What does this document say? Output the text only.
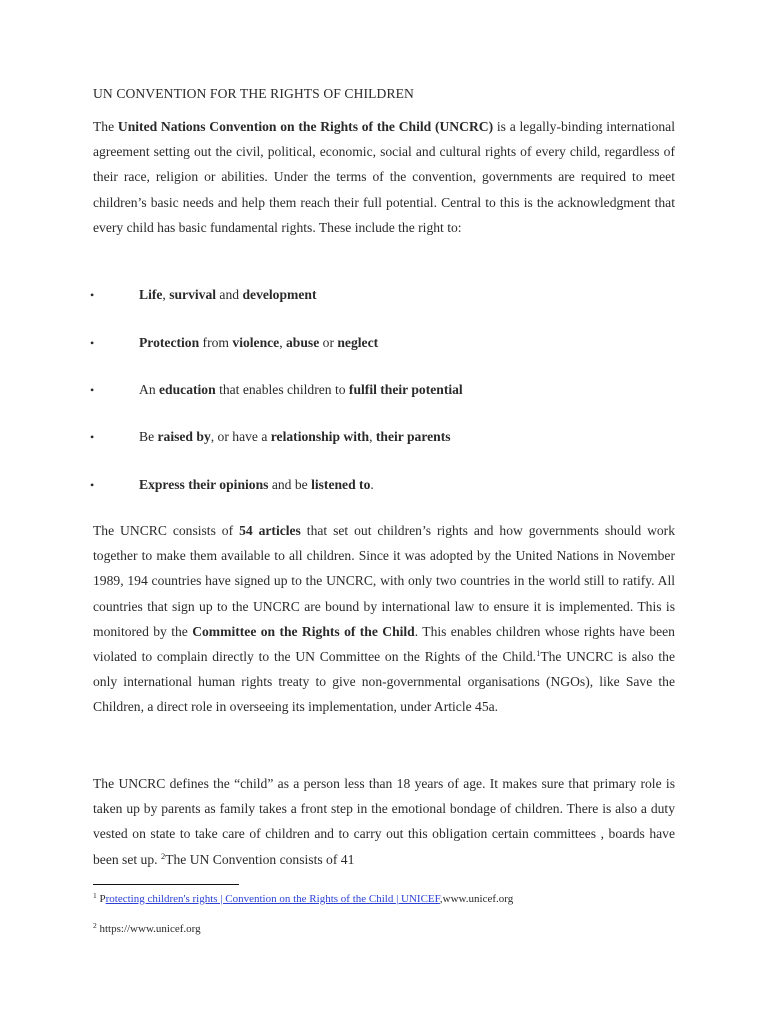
UN CONVENTION FOR THE RIGHTS OF CHILDREN

The United Nations Convention on the Rights of the Child (UNCRC) is a legally-binding international agreement setting out the civil, political, economic, social and cultural rights of every child, regardless of their race, religion or abilities. Under the terms of the convention, governments are required to meet children’s basic needs and help them reach their full potential. Central to this is the acknowledgment that every child has basic fundamental rights. These include the right to:

•	Life, survival and development
•	Protection from violence, abuse or neglect
•	An education that enables children to fulfil their potential
•	Be raised by, or have a relationship with, their parents
•	Express their opinions and be listened to.

The UNCRC consists of 54 articles that set out children’s rights and how governments should work together to make them available to all children. Since it was adopted by the United Nations in November 1989, 194 countries have signed up to the UNCRC, with only two countries in the world still to ratify. All countries that sign up to the UNCRC are bound by international law to ensure it is implemented. This is monitored by the Committee on the Rights of the Child. This enables children whose rights have been violated to complain directly to the UN Committee on the Rights of the Child.$^1$The UNCRC is also the only international human rights treaty to give non-governmental organisations (NGOs), like Save the Children, a direct role in overseeing its implementation, under Article 45a.

The UNCRC defines the “child” as a person less than 18 years of age. It makes sure that primary role is taken up by parents as family takes a front step in the emotional bondage of children. There is also a duty vested on state to take care of children and to carry out this obligation certain committees , boards have been set up. $^2$The UN Convention consists of 41

$^1$ Protecting children's rights | Convention on the Rights of the Child | UNICEF,www.unicef.org
$^2$ https://www.unicef.org
